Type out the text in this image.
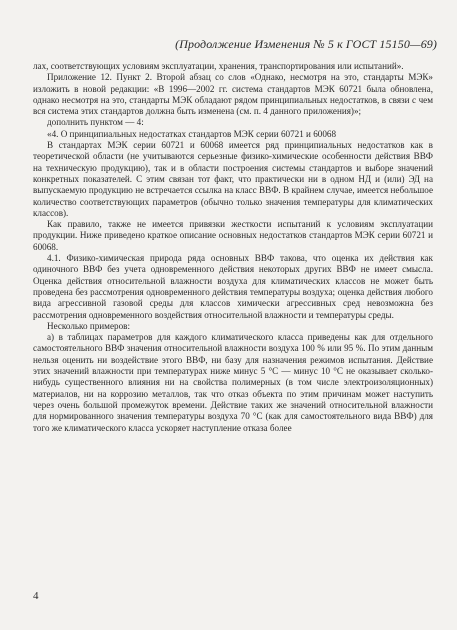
(Продолжение Изменения № 5 к ГОСТ 15150—69)

лах, соответствующих условиям эксплуатации, хранения, транспортирования или испытаний».

Приложение 12. Пункт 2. Второй абзац со слов «Однако, несмотря на это, стандарты МЭК» изложить в новой редакции: «В 1996—2002 гг. система стандартов МЭК 60721 была обновлена, однако несмотря на это, стандарты МЭК обладают рядом принципиальных недостатков, в связи с чем вся система этих стандартов должна быть изменена (см. п. 4 данного приложения)»;

дополнить пунктом — 4:

«4. О принципиальных недостатках стандартов МЭК серии 60721 и 60068

В стандартах МЭК серии 60721 и 60068 имеется ряд принципиальных недостатков как в теоретической области (не учитываются серьезные физико-химические особенности действия ВВФ на техническую продукцию), так и в области построения системы стандартов и выборе значений конкретных показателей. С этим связан тот факт, что практически ни в одном НД и (или) ЭД на выпускаемую продукцию не встречается ссылка на класс ВВФ. В крайнем случае, имеется небольшое количество соответствующих параметров (обычно только значения температуры для климатических классов).

Как правило, также не имеется привязки жесткости испытаний к условиям эксплуатации продукции. Ниже приведено краткое описание основных недостатков стандартов МЭК серии 60721 и 60068.

4.1. Физико-химическая природа ряда основных ВВФ такова, что оценка их действия как одиночного ВВФ без учета одновременного действия некоторых других ВВФ не имеет смысла. Оценка действия относительной влажности воздуха для климатических классов не может быть проведена без рассмотрения одновременного действия температуры воздуха; оценка действия любого вида агрессивной газовой среды для классов химически агрессивных сред невозможна без рассмотрения одновременного воздействия относительной влажности и температуры среды.

Несколько примеров:

а) в таблицах параметров для каждого климатического класса приведены как для отдельного самостоятельного ВВФ значения относительной влажности воздуха 100 % или 95 %. По этим данным нельзя оценить ни воздействие этого ВВФ, ни базу для назначения режимов испытания. Действие этих значений влажности при температурах ниже минус 5 °С — минус 10 °С не оказывает сколько-нибудь существенного влияния ни на свойства полимерных (в том числе электроизоляционных) материалов, ни на коррозию металлов, так что отказ объекта по этим причинам может наступить через очень большой промежуток времени. Действие таких же значений относительной влажности для нормированного значения температуры воздуха 70 °С (как для самостоятельного вида ВВФ) для того же климатического класса ускоряет наступление отказа более

4
